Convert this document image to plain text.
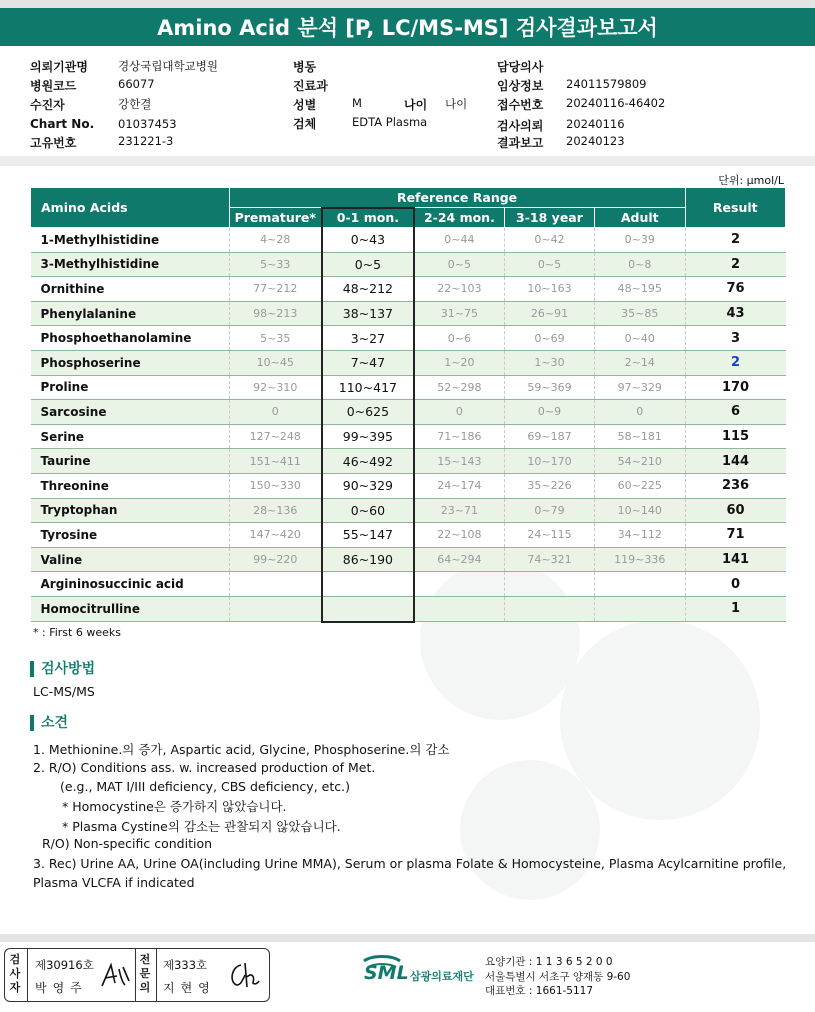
Amino Acid 분석 [P, LC/MS-MS] 검사결과보고서
의뢰기관명	경상국립대학교병원
병원코드	66077
수진자	강한결
Chart No. 01037453
고유번호	231221-3
병동
진료과
성별	M	나이 나이
검체	EDTA Plasma
담당의사
임상정보 24011579809
접수번호 20240116-46402
검사의뢰 20240116
결과보고 20240123
단위: µmol/L
Amino Acids	Reference Range					Result
	Premature*	0-1 mon.	2-24 mon.	3-18 year	Adult	
1-Methylhistidine	4~28	0~43	0~44	0~42	0~39	2
3-Methylhistidine	5~33	0~5	0~5	0~5	0~8	2
Ornithine	77~212	48~212	22~103	10~163	48~195	76
Phenylalanine	98~213	38~137	31~75	26~91	35~85	43
Phosphoethanolamine	5~35	3~27	0~6	0~69	0~40	3
Phosphoserine	10~45	7~47	1~20	1~30	2~14	2
Proline	92~310	110~417	52~298	59~369	97~329	170
Sarcosine	0	0~625	0	0~9	0	6
Serine	127~248	99~395	71~186	69~187	58~181	115
Taurine	151~411	46~492	15~143	10~170	54~210	144
Threonine	150~330	90~329	24~174	35~226	60~225	236
Tryptophan	28~136	0~60	23~71	0~79	10~140	60
Tyrosine	147~420	55~147	22~108	24~115	34~112	71
Valine	99~220	86~190	64~294	74~321	119~336	141
Argininosuccinic acid						0
Homocitrulline						1
* : First 6 weeks
검사방법
LC-MS/MS
소견
1. Methionine.의 증가, Aspartic acid, Glycine, Phosphoserine.의 감소
2. R/O) Conditions ass. w. increased production of Met.
(e.g., MAT I/III deficiency, CBS deficiency, etc.)
* Homocystine은 증가하지 않았습니다.
* Plasma Cystine의 감소는 관찰되지 않았습니다.
R/O) Non-specific condition
3. Rec) Urine AA, Urine OA(including Urine MMA), Serum or plasma Folate & Homocysteine, Plasma Acylcarnitine profile,
Plasma VLCFA if indicated
검
사
자
제30916호
박영주
전
문
의
제333호
지현영
SML 삼광의료재단
요양기관 : 1 1 3 6 5 2 0 0
서울특별시 서초구 양재동 9-60
대표번호 : 1661-5117
